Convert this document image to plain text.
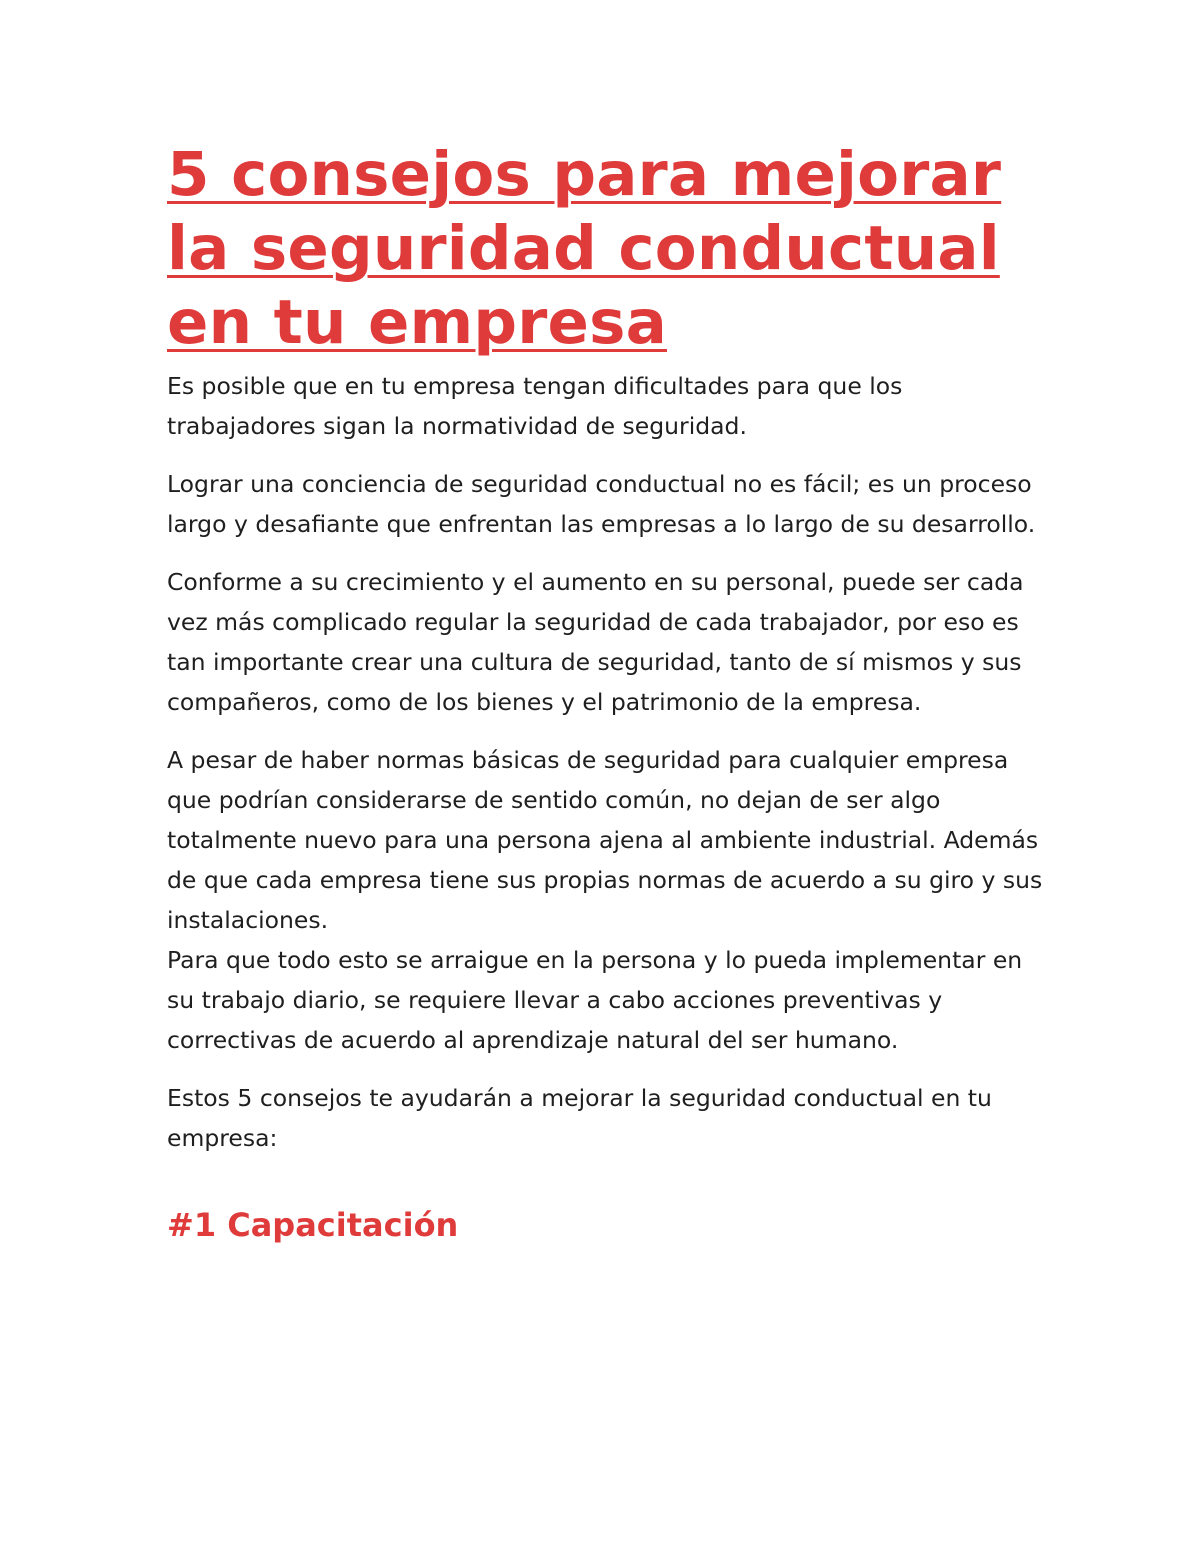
5 consejos para mejorar la seguridad conductual en tu empresa

Es posible que en tu empresa tengan dificultades para que los trabajadores sigan la normatividad de seguridad.

Lograr una conciencia de seguridad conductual no es fácil; es un proceso largo y desafiante que enfrentan las empresas a lo largo de su desarrollo.

Conforme a su crecimiento y el aumento en su personal, puede ser cada vez más complicado regular la seguridad de cada trabajador, por eso es tan importante crear una cultura de seguridad, tanto de sí mismos y sus compañeros, como de los bienes y el patrimonio de la empresa.

A pesar de haber normas básicas de seguridad para cualquier empresa que podrían considerarse de sentido común, no dejan de ser algo totalmente nuevo para una persona ajena al ambiente industrial. Además de que cada empresa tiene sus propias normas de acuerdo a su giro y sus instalaciones.

Para que todo esto se arraigue en la persona y lo pueda implementar en su trabajo diario, se requiere llevar a cabo acciones preventivas y correctivas de acuerdo al aprendizaje natural del ser humano.

Estos 5 consejos te ayudarán a mejorar la seguridad conductual en tu empresa:

#1 Capacitación
